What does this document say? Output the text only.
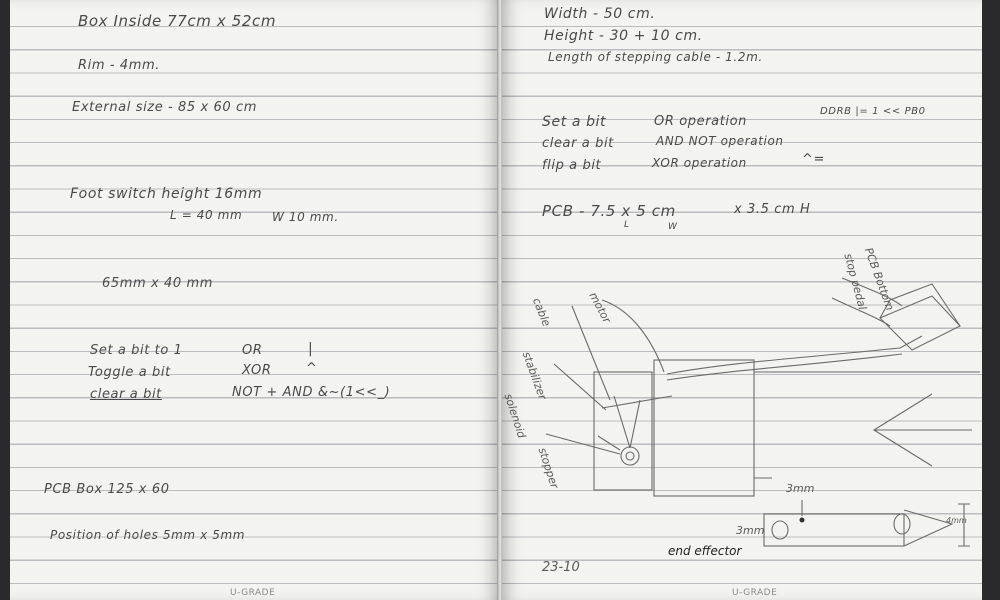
Box Inside 77cm x 52cm
Rim - 4mm.
External size - 85 x 60 cm
Foot switch height 16mm
L = 40 mm W 10 mm.
65mm x 40 mm
Set a bit to 1	OR	|
Toggle a bit	XOR	^
clear a bit	NOT + AND &~(1<<_)
PCB Box 125 x 60
Position of holes 5mm x 5mm
U-GRADE
Width - 50 cm.
Height - 30 + 10 cm.
Length of stepping cable - 1.2m.
Set a bit	OR operation
DDRB |= 1 << PB0
clear a bit	AND NOT operation
flip a bit	XOR operation	^=
PCB - 7.5 x 5 cm	x 3.5 cm H
L	W
PCB Bottom
stop pedal
motor
cable
stabilizer
solenoid
stopper	3mm
3mm
4mm
end effector
23-10
U-GRADE
